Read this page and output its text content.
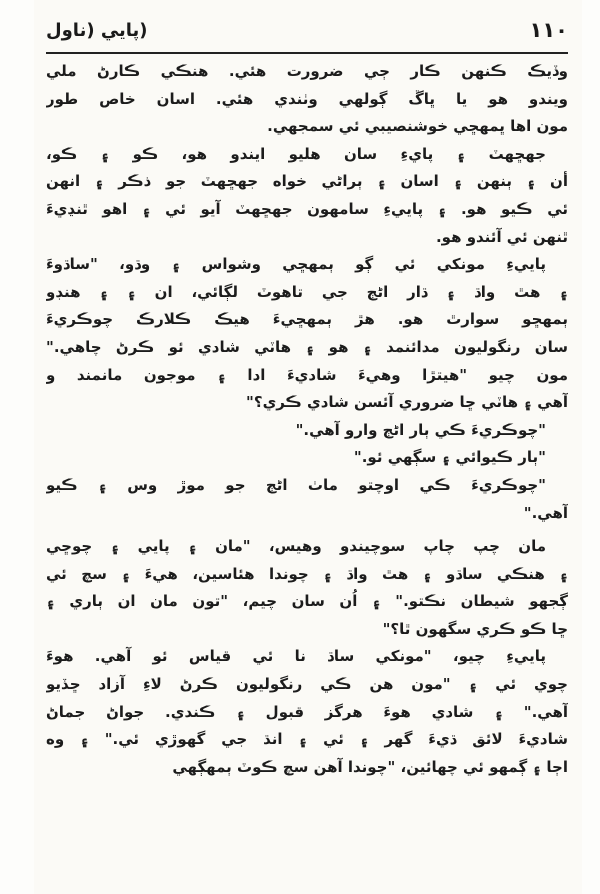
١١٠
(پايي (ناول
وڏيڪ ڪنهن ڪار ڄي ضرورت هئي. هنڪي ڪارڻ ملي
ويندو هو يا ڀاڱ ڳولهي وٺندي هئي. اسان خاص طور
مون اها ڀمهڇي خوشنصيبي ئي سمجهي.
جهڇهٽ ۽ پايءِ سان هليو ايندو هو، ڪو ۽ ڪو،
أن ۽ ٻنهن ۽ اسان ۽ ٻراڻي خواه جهڇهٽ جو ذڪر ۽ انهن
ئي ڪيو هو. ۽ پاييءِ سامهون جهڇهٽ آيو ئي ۽ اهو ٿنڍيءَ
ٿنهن ئي آئندو هو.
پاييءِ مونکي ئي ڳو ٻمهڇي وشواس ۽ وڌو، "ساڌوءَ
۽ هٿ واڌ ۽ ڌار اڻڄ جي تاهوٽ لڳائي، ان ۽ ۽ هنڊو
ٻمهڇو سوارٿ هو. هڙ ٻمهڇيءَ هيڪ ڪلارڪ چوڪريءَ
سان رنگوليون مدائنمد ۽ هو ۽ هاٽي شادي ئو ڪرڻ چاهي."
مون چيو "هيتڙا وهيءَ شاديءَ ادا ۽ موجون مانمند و
آهي ۽ هاٽي ڇا ضروري آئسن شادي ڪري؟"
"چوڪريءَ ڪي ٻار اڻڄ وارو آهي."
"ٻار ڪيوائي ۽ سڳهي ئو."
"چوڪريءَ ڪي اوچتو ماٺ اڻڄ جو موڙ وس ۽ ڪيو
آهي."
مان چپ چاپ سوچيندو وهيس، "مان ۽ پايي ۽ چوڇي
۽ هنڪي ساڌو ۽ هٿ واڌ ۽ چوندا هئاسين، هيءَ ۽ سچ ئي
ڳجهو شيطان نڪتو." ۽ اُن سان چيم، "تون مان ان ٻاري ۽
ڇا ڪو ڪري سگهون ٿا؟"
پاييءِ چيو، "مونکي ساڌ نا ئي قياس ئو آهي. هوءَ
چوي ئي ۽ "مون هن ڪي رنگوليون ڪرڻ لاءِ آزاد ڇڏيو
آهي." ۽ شادي هوءَ هرگز قبول ۽ ڪندي. جواڻ جماڻ
شاديءَ لائق ڌيءَ گهر ۽ ئي ۽ انڌ جي گهوڙي ئي." ۽ وه
اڄا ۽ ڳمهو ئي چهائين، "چوندا آهن سچ ڪوٽ ٻمهڳهي
